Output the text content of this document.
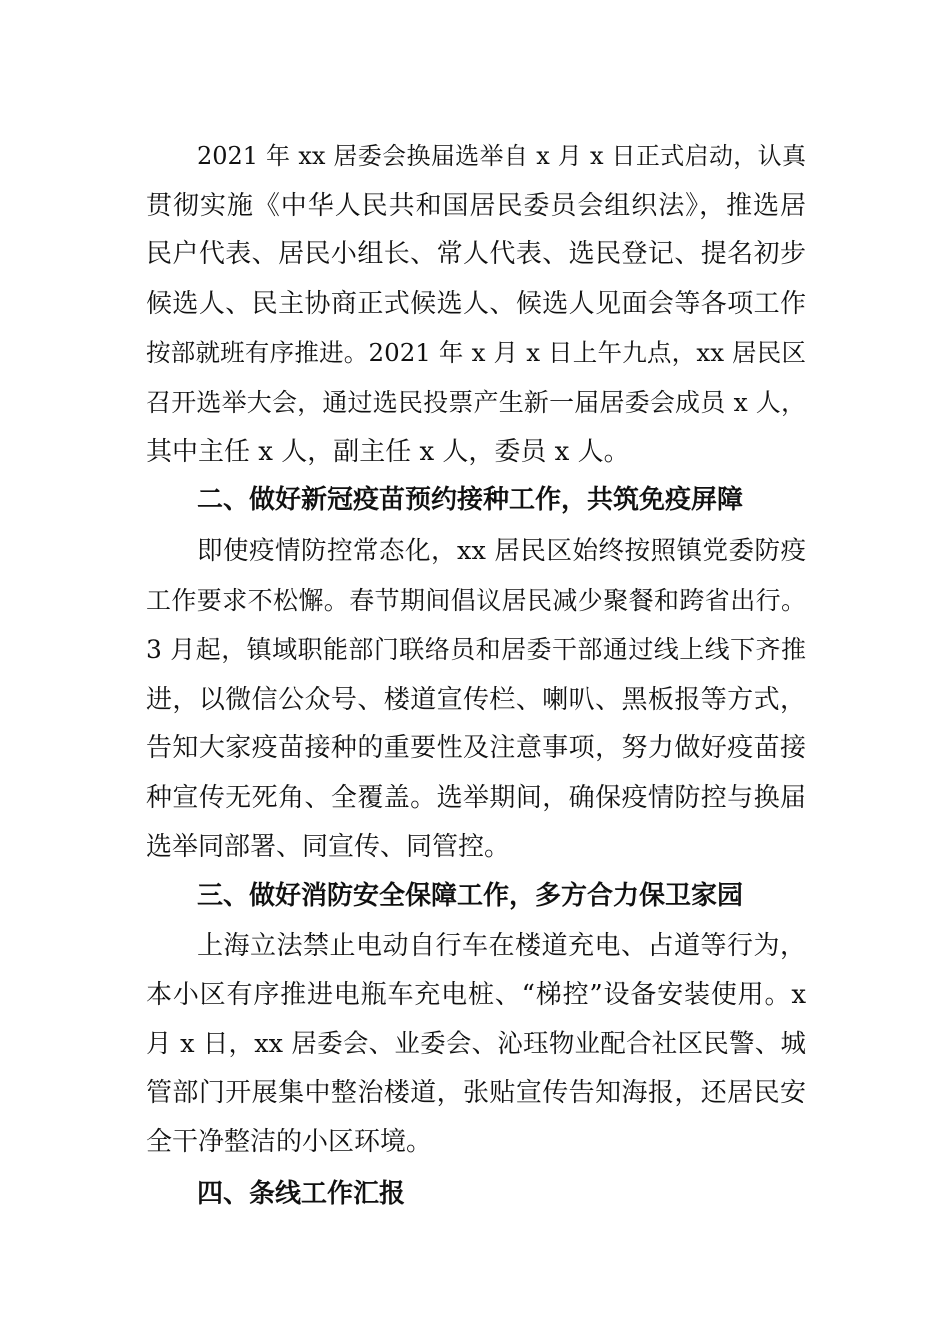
2021 年 xx 居委会换届选举自 x 月 x 日正式启动，认真
贯彻实施《中华人民共和国居民委员会组织法》，推选居
民户代表、居民小组长、常人代表、选民登记、提名初步
候选人、民主协商正式候选人、候选人见面会等各项工作
按部就班有序推进。2021 年 x 月 x 日上午九点，xx 居民区
召开选举大会，通过选民投票产生新一届居委会成员 x 人，
其中主任 x 人，副主任 x 人，委员 x 人。
二、做好新冠疫苗预约接种工作，共筑免疫屏障
即使疫情防控常态化，xx 居民区始终按照镇党委防疫
工作要求不松懈。春节期间倡议居民减少聚餐和跨省出行。
3 月起，镇域职能部门联络员和居委干部通过线上线下齐推
进，以微信公众号、楼道宣传栏、喇叭、黑板报等方式，
告知大家疫苗接种的重要性及注意事项，努力做好疫苗接
种宣传无死角、全覆盖。选举期间，确保疫情防控与换届
选举同部署、同宣传、同管控。
三、做好消防安全保障工作，多方合力保卫家园
上海立法禁止电动自行车在楼道充电、占道等行为，
本小区有序推进电瓶车充电桩、“梯控”设备安装使用。x
月 x 日，xx 居委会、业委会、沁珏物业配合社区民警、城
管部门开展集中整治楼道，张贴宣传告知海报，还居民安
全干净整洁的小区环境。
四、条线工作汇报
